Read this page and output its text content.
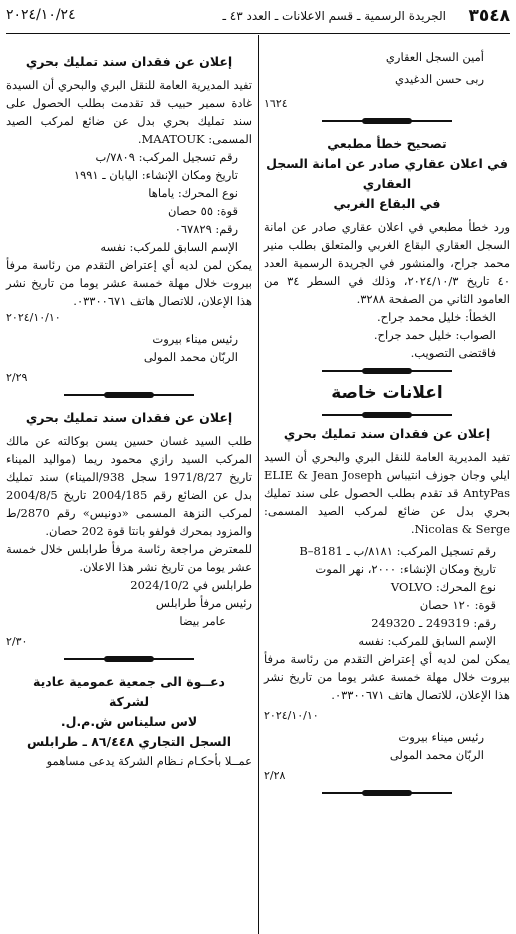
٣٥٤٨
الجريدة الرسمية ـ قسم الاعلانات ـ العدد ٤٣ ـ
٢٠٢٤/١٠/٢٤

أمين السجل العقاري

ربى حسن الدغيدي

١٦٢٤

تصحيح خطأ مطبعي

في اعلان عقاري صادر عن امانة السجل العقاري

في البقاع الغربي

ورد خطأ مطبعي في اعلان عقاري صادر عن امانة السجل العقاري البقاع الغربي والمتعلق بطلب منير محمد جراح، والمنشور في الجريدة الرسمية العدد ٤٠ تاريخ ٢٠٢٤/١٠/٣، وذلك في السطر ٣٤ من العامود الثاني من الصفحة ٣٢٨٨.

الخطأ: خليل محمد جراح.

الصواب: خليل حمد جراح.

فاقتضى التصويب.

اعلانات خاصة

إعلان عن فقدان سند تمليك بحري

تفيد المديرية العامة للنقل البري والبحري أن السيد ايلي وجان جوزف انتيباس ELIE & Jean Joseph AntyPas قد تقدم بطلب الحصول على سند تمليك بحري بدل عن ضائع لمركب الصيد المسمى: Nicolas & Serge.

رقم تسجيل المركب: ٨١٨١/ب ـ B–8181

تاريخ ومكان الإنشاء: ٢٠٠٠، نهر الموت

نوع المحرك: VOLVO

قوة: ١٢٠ حصان

رقم: 249319 ـ 249320

الإسم السابق للمركب: نفسه

يمكن لمن لديه أي إعتراض التقدم من رئاسة مرفأ بيروت خلال مهلة خمسة عشر يوما من تاريخ نشر هذا الإعلان، للاتصال هاتف ٠٣٣٠٠٦٧١.

٢٠٢٤/١٠/١٠

رئيس ميناء بيروت

الربّان محمد المولى

٢/٢٨

إعلان عن فقدان سند تمليك بحري

تفيد المديرية العامة للنقل البري والبحري أن السيدة غادة سمير حبيب قد تقدمت بطلب الحصول على سند تمليك بحري بدل عن ضائع لمركب الصيد المسمى: MAATOUK.

رقم تسجيل المركب: ٧٨٠٩/ب

تاريخ ومكان الإنشاء: اليابان ـ ١٩٩١

نوع المحرك: ياماها

قوة: ٥٥ حصان

رقم: ٠٦٧٨٢٩

الإسم السابق للمركب: نفسه

يمكن لمن لديه أي إعتراض التقدم من رئاسة مرفأ بيروت خلال مهلة خمسة عشر يوما من تاريخ نشر هذا الإعلان، للاتصال هاتف ٠٣٣٠٠٦٧١.

٢٠٢٤/١٠/١٠

رئيس ميناء بيروت

الربّان محمد المولى

٢/٢٩

إعلان عن فقدان سند تمليك بحري

طلب السيد غسان حسين يسن بوكالته عن مالك المركب السيد رازي محمود ريما (مواليد الميناء تاريخ 1971/8/27 سجل 938/الميناء) سند تمليك بدل عن الضائع رقم 2004/185 تاريخ 2004/8/5 لمركب النزهة المسمى «دونيس» رقم 2870/ط والمزود بمحرك فولفو بانتا قوة 202 حصان.

للمعترض مراجعة رئاسة مرفأ طرابلس خلال خمسة عشر يوما من تاريخ نشر هذا الاعلان.

طرابلس في 2024/10/2

رئيس مرفأ طرابلس

عامر بيضا

٢/٣٠

دعــوة الى جمعية عمومية عادية

لشركة

لاس سليناس ش.م.ل.

السجل التجاري ٨٦/٤٤٨ ـ طرابلس

عمــلا بأحكـام نـظام الشركة يدعى مساهمو
